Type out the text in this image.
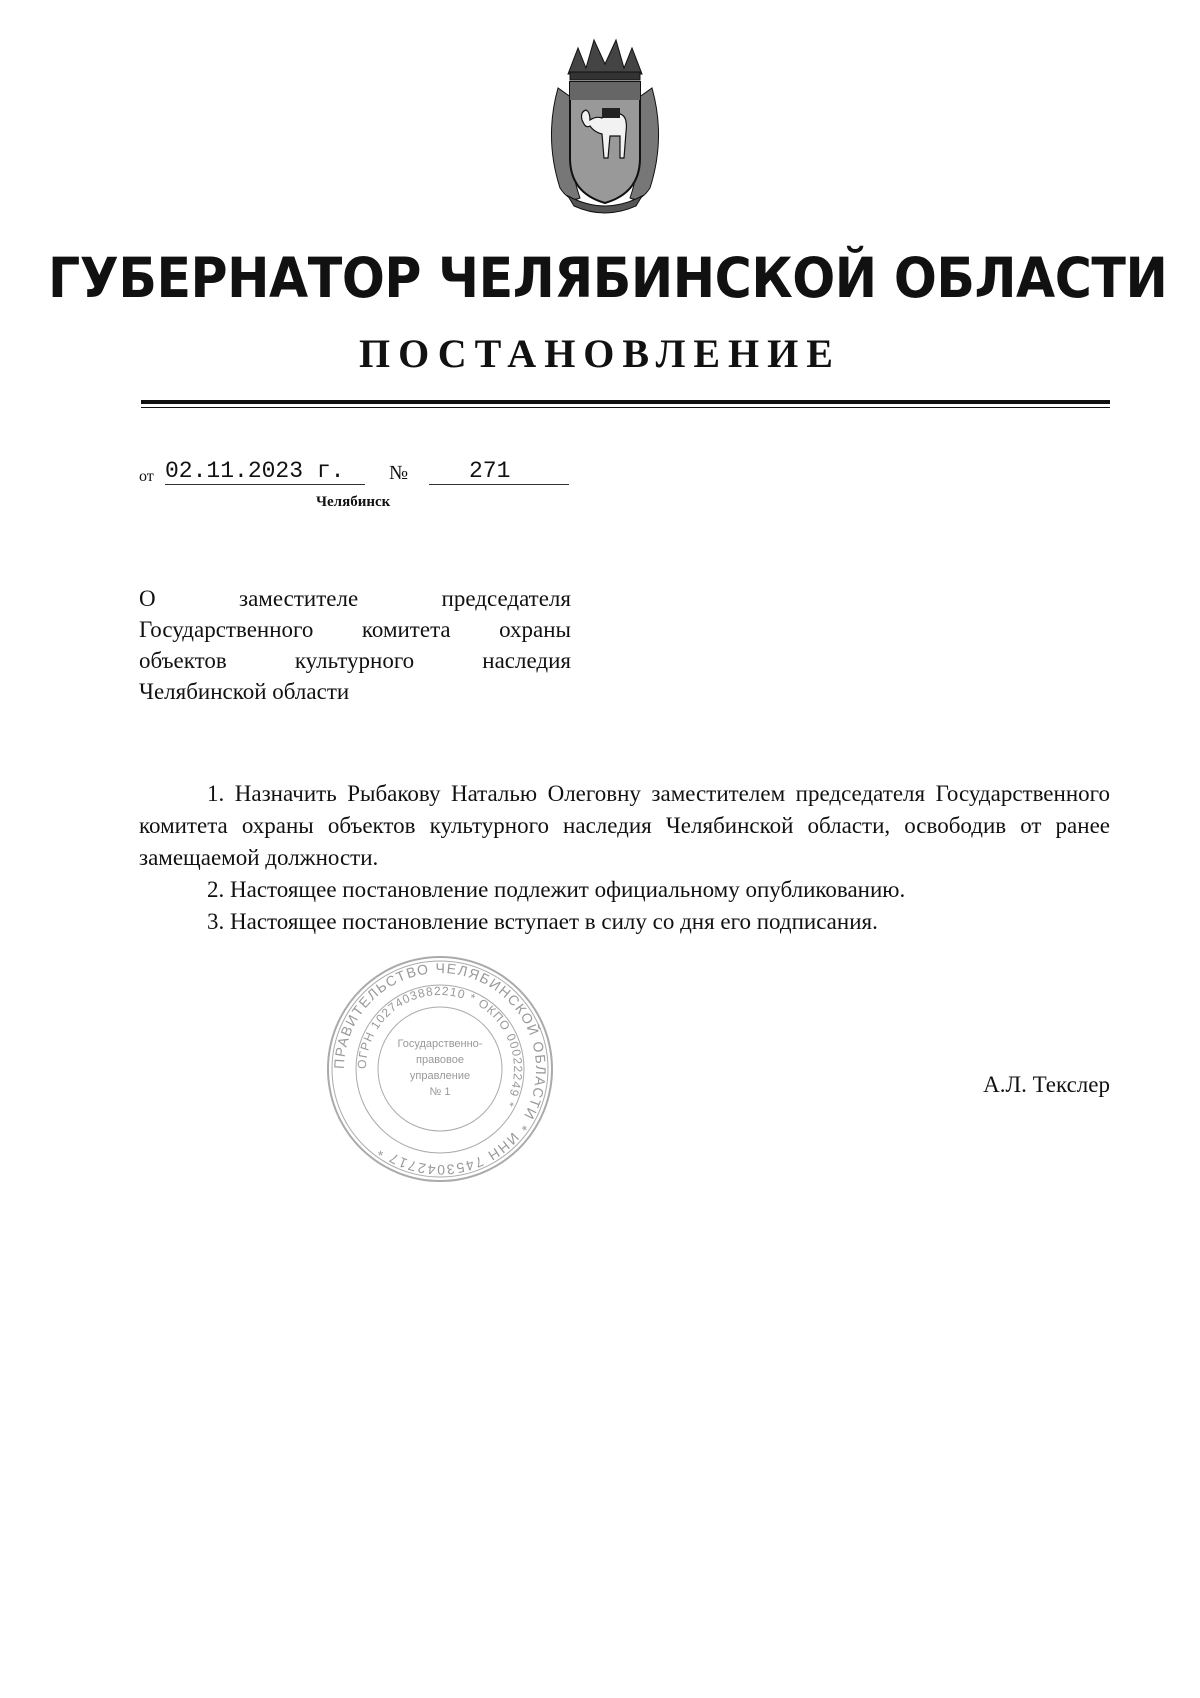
ГУБЕРНАТОР ЧЕЛЯБИНСКОЙ ОБЛАСТИ
ПОСТАНОВЛЕНИЕ
от 02.11.2023 г.	№	271
Челябинск
О заместителе председателя Государственного комитета охраны объектов культурного наследия Челябинской области

1. Назначить Рыбакову Наталью Олеговну заместителем председателя Государственного комитета охраны объектов культурного наследия Челябинской области, освободив от ранее замещаемой должности.

2. Настоящее постановление подлежит официальному опубликованию.

3. Настоящее постановление вступает в силу со дня его подписания.

ПРАВИТЕЛЬСТВО ЧЕЛЯБИНСКОЙ ОБЛАСТИ * ИНН 7453042717 *
ОГРН 1027403882210 * ОКПО 00022249 *
Государственно-
правовое
управление
№ 1	А.Л. Текслер
